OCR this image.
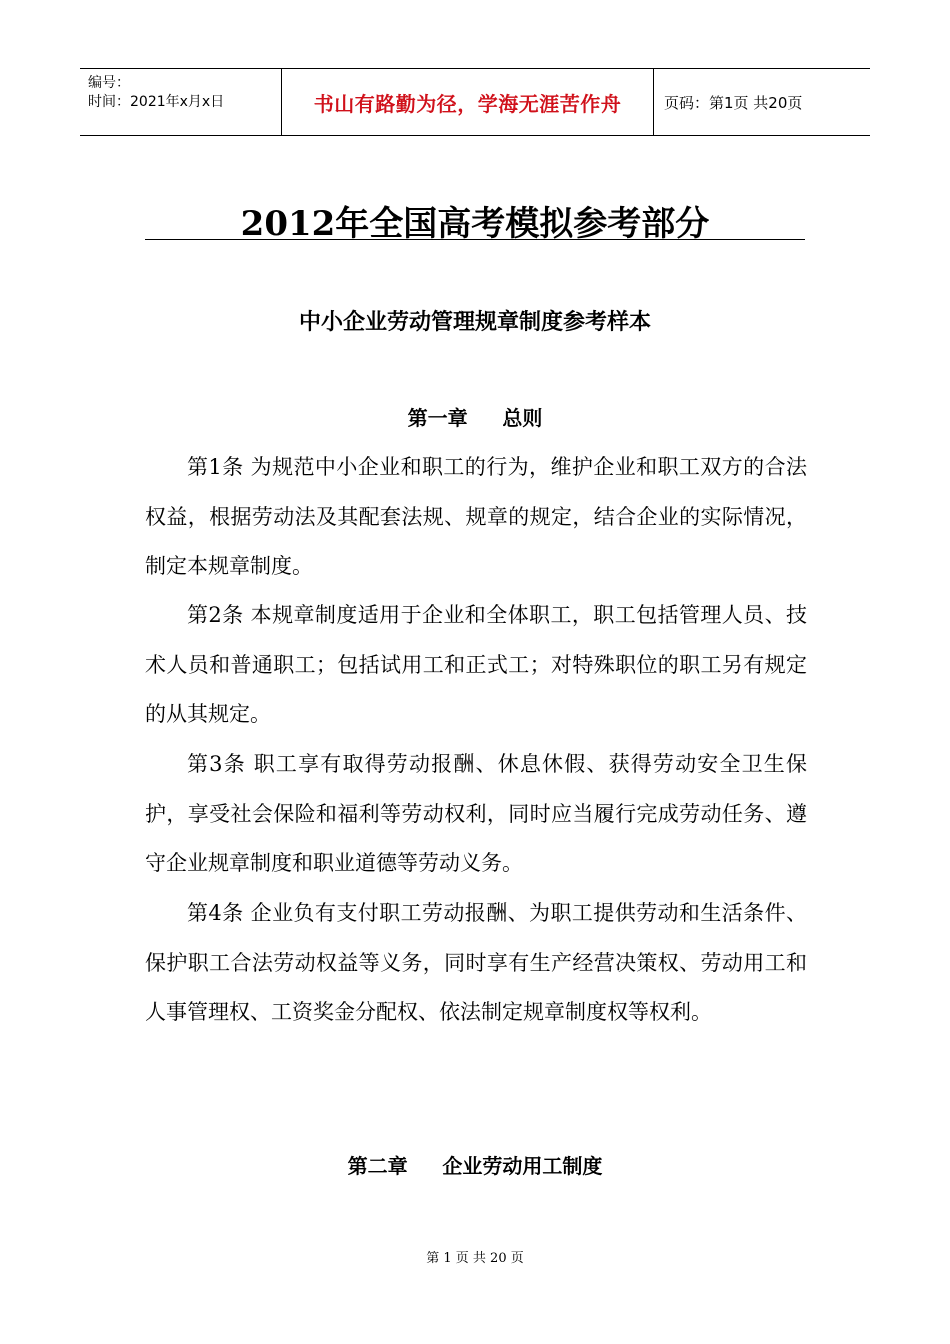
编号：
时间：2021年x月x日	书山有路勤为径，学海无涯苦作舟	页码：第1页 共20页
2012年全国高考模拟参考部分
中小企业劳动管理规章制度参考样本
第一章     总则

第1条 为规范中小企业和职工的行为，维护企业和职工双方的合法权益，根据劳动法及其配套法规、规章的规定，结合企业的实际情况，制定本规章制度。

第2条 本规章制度适用于企业和全体职工，职工包括管理人员、技术人员和普通职工；包括试用工和正式工；对特殊职位的职工另有规定的从其规定。

第3条 职工享有取得劳动报酬、休息休假、获得劳动安全卫生保护，享受社会保险和福利等劳动权利，同时应当履行完成劳动任务、遵守企业规章制度和职业道德等劳动义务。

第4条 企业负有支付职工劳动报酬、为职工提供劳动和生活条件、保护职工合法劳动权益等义务，同时享有生产经营决策权、劳动用工和人事管理权、工资奖金分配权、依法制定规章制度权等权利。

第二章     企业劳动用工制度
第 1 页 共 20 页
